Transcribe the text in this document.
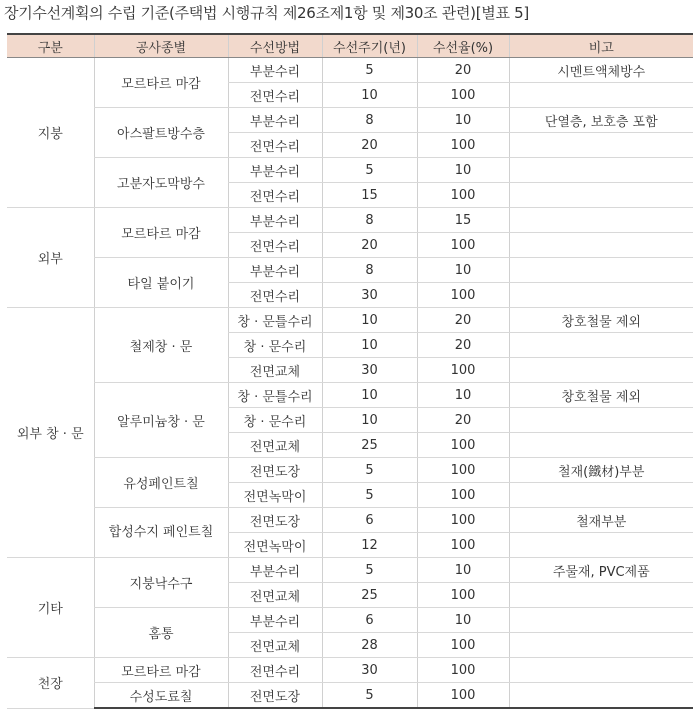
장기수선계획의 수립 기준(주택법 시행규칙 제26조제1항 및 제30조 관련)[별표 5]
구분	공사종별	수선방법	수선주기(년)	수선율(%)	비고
지붕	모르타르 마감	부분수리	5	20	시멘트액체방수
		전면수리	10	100	
	아스팔트방수층	부분수리	8	10	단열층, 보호층 포함
		전면수리	20	100	
	고분자도막방수	부분수리	5	10	
		전면수리	15	100	
외부	모르타르 마감	부분수리	8	15	
		전면수리	20	100	
	타일 붙이기	부분수리	8	10	
		전면수리	30	100	
외부 창 · 문	철제창 · 문	창 · 문틀수리	10	20	창호철물 제외
		창 · 문수리	10	20	
		전면교체	30	100	
	알루미늄창 · 문	창 · 문틀수리	10	10	창호철물 제외
		창 · 문수리	10	20	
		전면교체	25	100	
	유성페인트칠	전면도장	5	100	철재(鐵材)부분
		전면녹막이	5	100	
	합성수지 페인트칠	전면도장	6	100	철재부분
		전면녹막이	12	100	
기타	지붕낙수구	부분수리	5	10	주물재, PVC제품
		전면교체	25	100	
	홈통	부분수리	6	10	
		전면교체	28	100	
천장	모르타르 마감	전면수리	30	100	
	수성도료칠	전면도장	5	100	
